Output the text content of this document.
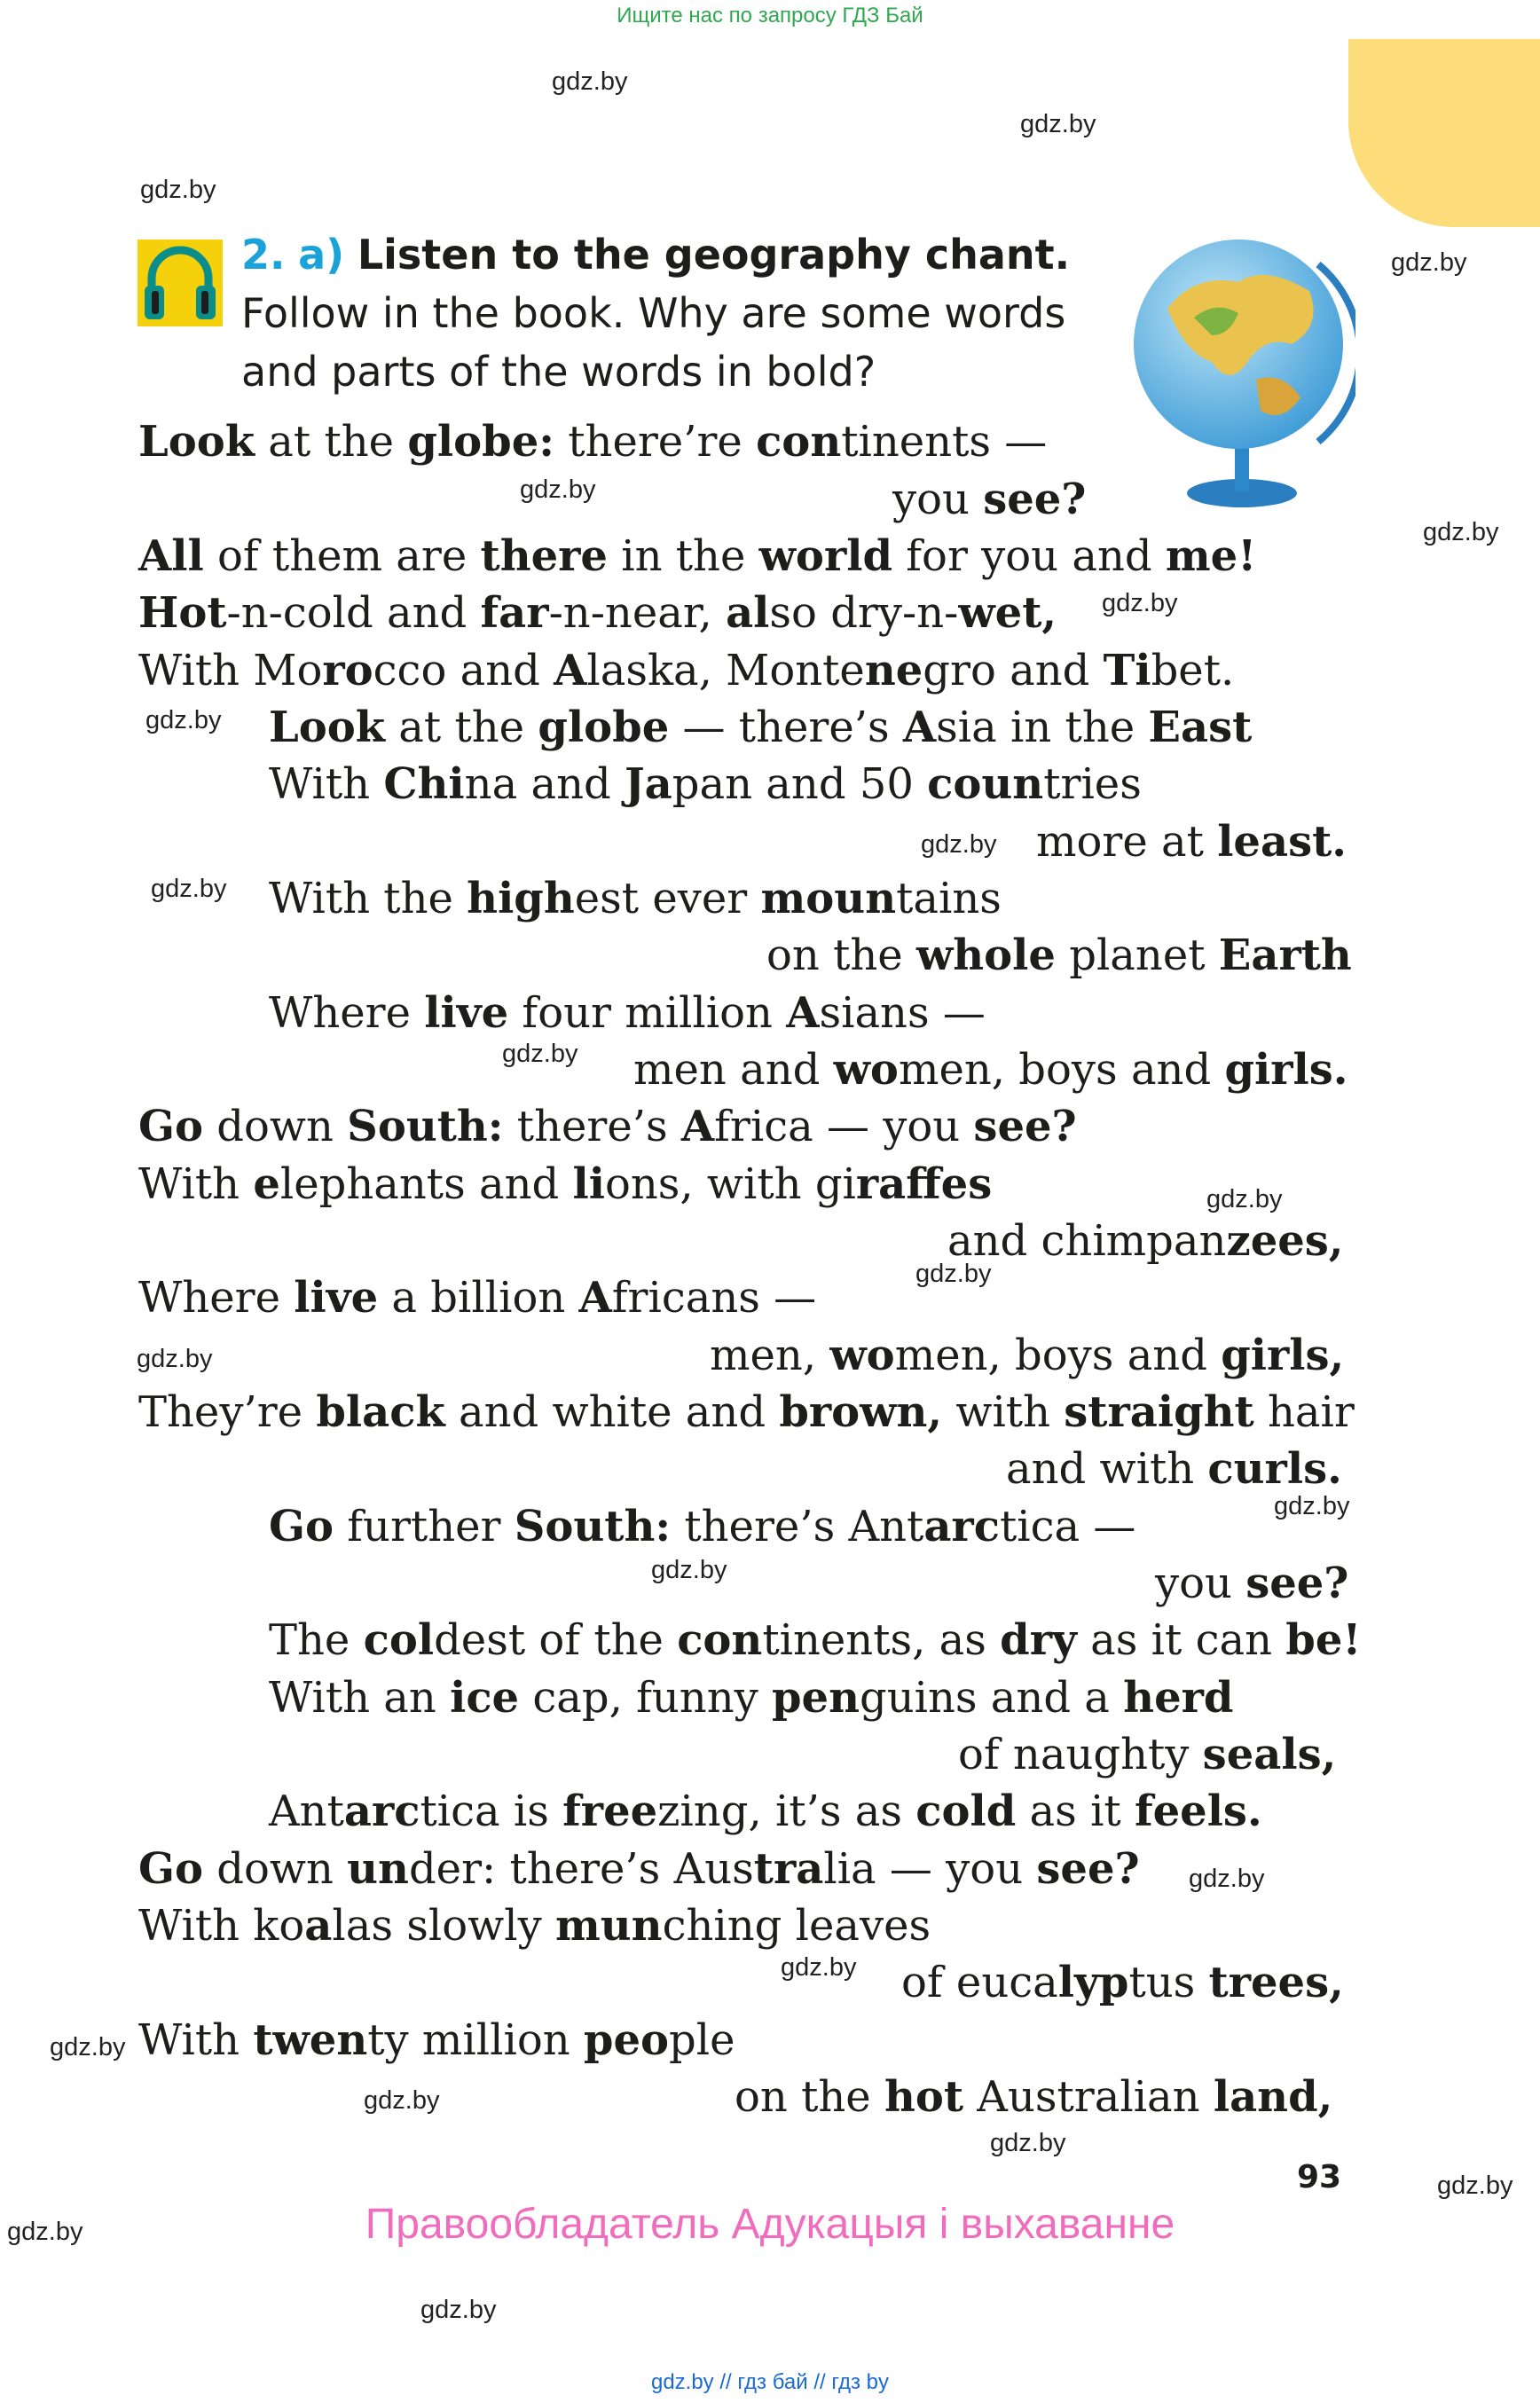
Ищите нас по запросу ГДЗ Бай
gdz.by
gdz.by
gdz.by
gdz.by
gdz.by
gdz.by
gdz.by
gdz.by
gdz.by
gdz.by
gdz.by
gdz.by
gdz.by
gdz.by
gdz.by
gdz.by
gdz.by
gdz.by
gdz.by
gdz.by
gdz.by
gdz.by
gdz.by
gdz.by
2. a) Listen to the geography chant.
Follow in the book. Why are some words
and parts of the words in bold?
Look at the globe: there’re continents —
you see?
All of them are there in the world for you and me!
Hot-n-cold and far-n-near, also dry-n-wet,
With Morocco and Alaska, Montenegro and Tibet.
Look at the globe — there’s Asia in the East
With China and Japan and 50 countries
more at least.
With the highest ever mountains
on the whole planet Earth
Where live four million Asians —
men and women, boys and girls.
Go down South: there’s Africa — you see?
With elephants and lions, with giraffes
and chimpanzees,
Where live a billion Africans —
men, women, boys and girls,
They’re black and white and brown, with straight hair
and with curls.
Go further South: there’s Antarctica —
you see?
The coldest of the continents, as dry as it can be!
With an ice cap, funny penguins and a herd
of naughty seals,
Antarctica is freezing, it’s as cold as it feels.
Go down under: there’s Australia — you see?
With koalas slowly munching leaves
of eucalyptus trees,
With twenty million people
on the hot Australian land,
93
Правообладатель Адукацыя і выхаванне
gdz.by // гдз бай // гдз by
